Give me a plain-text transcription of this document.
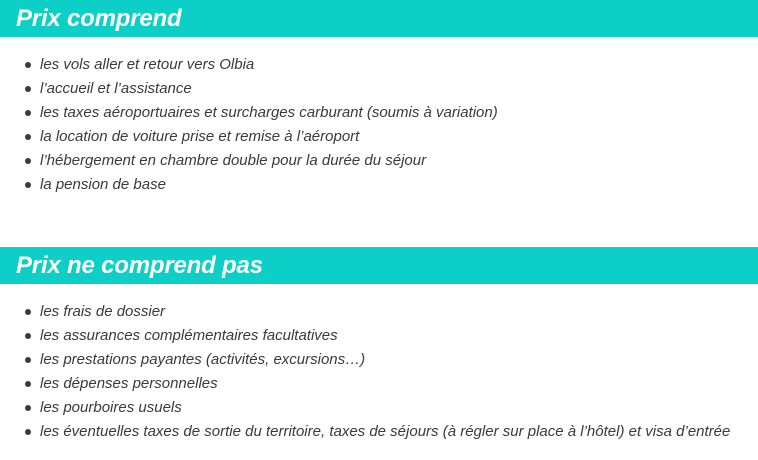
Prix comprend
les vols aller et retour vers Olbia
l’accueil et l’assistance
les taxes aéroportuaires et surcharges carburant (soumis à variation)
la location de voiture prise et remise à l’aéroport
l’hébergement en chambre double pour la durée du séjour
la pension de base
Prix ne comprend pas
les frais de dossier
les assurances complémentaires facultatives
les prestations payantes (activités, excursions…)
les dépenses personnelles
les pourboires usuels
les éventuelles taxes de sortie du territoire, taxes de séjours (à régler sur place à l’hôtel) et visa d’entrée
